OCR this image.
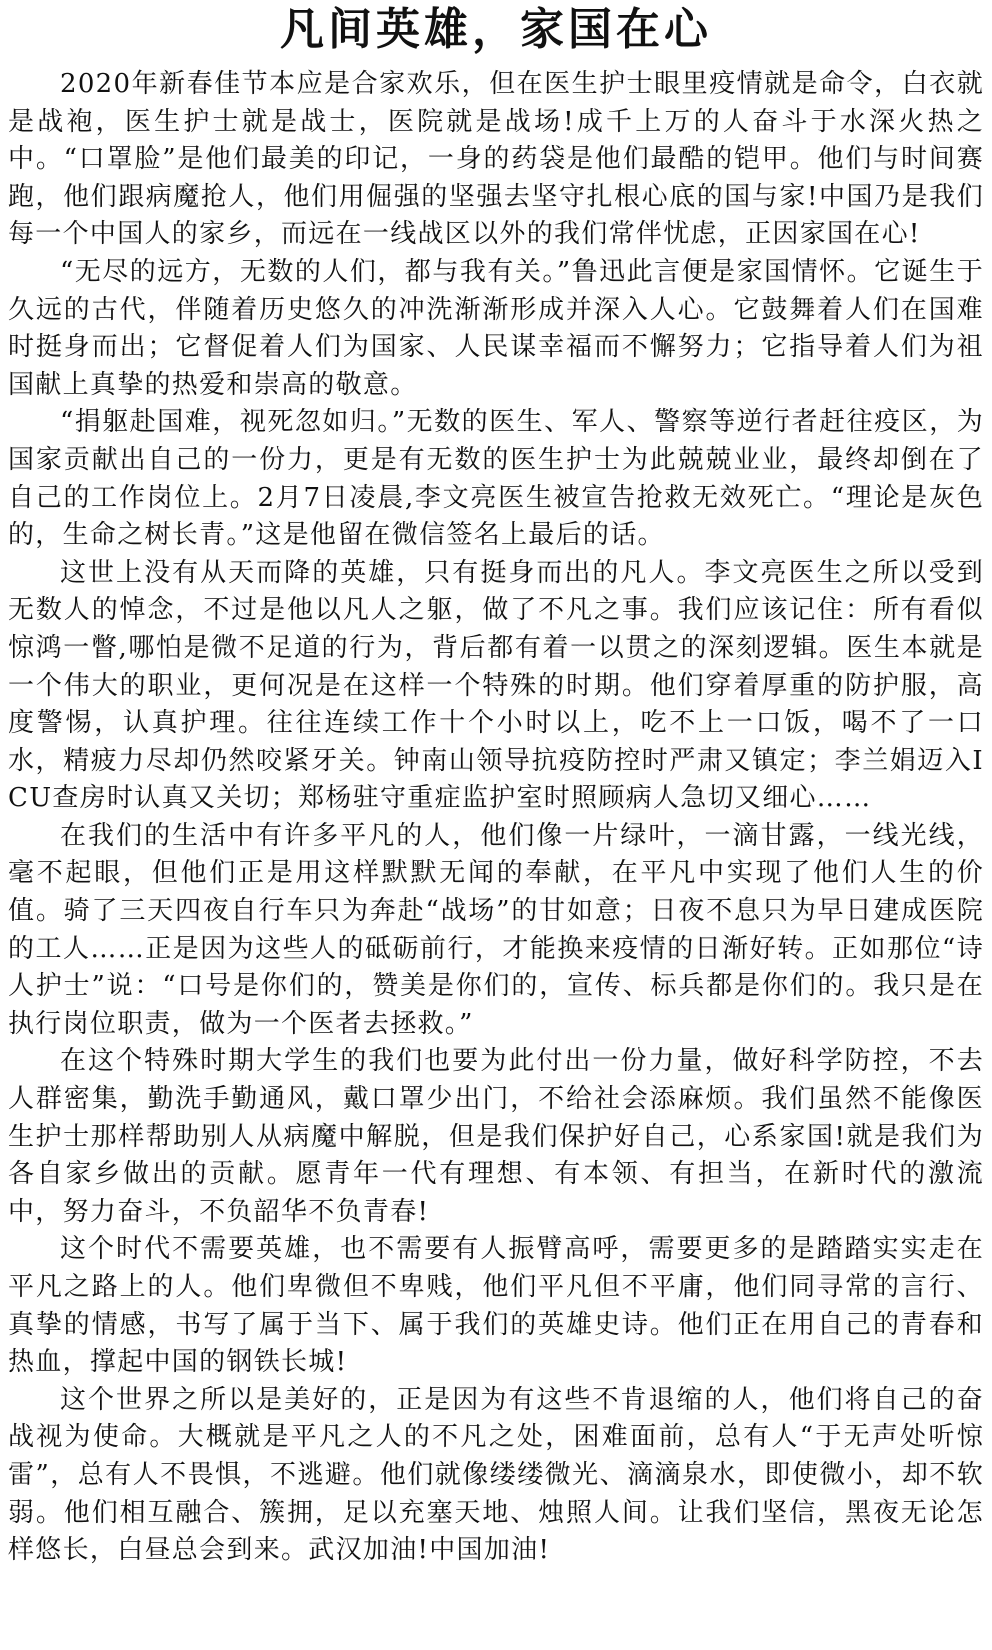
凡间英雄，家国在心

2020年新春佳节本应是合家欢乐，但在医生护士眼里疫情就是命令，白衣就是战袍，医生护士就是战士，医院就是战场!成千上万的人奋斗于水深火热之中。“口罩脸”是他们最美的印记，一身的药袋是他们最酷的铠甲。他们与时间赛跑，他们跟病魔抢人，他们用倔强的坚强去坚守扎根心底的国与家!中国乃是我们每一个中国人的家乡，而远在一线战区以外的我们常伴忧虑，正因家国在心!

“无尽的远方，无数的人们，都与我有关。”鲁迅此言便是家国情怀。它诞生于久远的古代，伴随着历史悠久的冲洗渐渐形成并深入人心。它鼓舞着人们在国难时挺身而出；它督促着人们为国家、人民谋幸福而不懈努力；它指导着人们为祖国献上真挚的热爱和崇高的敬意。

“捐躯赴国难，视死忽如归。”无数的医生、军人、警察等逆行者赶往疫区，为国家贡献出自己的一份力，更是有无数的医生护士为此兢兢业业，最终却倒在了自己的工作岗位上。2月7日凌晨,李文亮医生被宣告抢救无效死亡。“理论是灰色的，生命之树长青。”这是他留在微信签名上最后的话。

这世上没有从天而降的英雄，只有挺身而出的凡人。李文亮医生之所以受到无数人的悼念，不过是他以凡人之躯，做了不凡之事。我们应该记住：所有看似惊鸿一瞥,哪怕是微不足道的行为，背后都有着一以贯之的深刻逻辑。医生本就是一个伟大的职业，更何况是在这样一个特殊的时期。他们穿着厚重的防护服，高度警惕，认真护理。往往连续工作十个小时以上，吃不上一口饭，喝不了一口水，精疲力尽却仍然咬紧牙关。钟南山领导抗疫防控时严肃又镇定；李兰娟迈入ICU查房时认真又关切；郑杨驻守重症监护室时照顾病人急切又细心……

在我们的生活中有许多平凡的人，他们像一片绿叶，一滴甘露，一线光线，毫不起眼，但他们正是用这样默默无闻的奉献，在平凡中实现了他们人生的价值。骑了三天四夜自行车只为奔赴“战场”的甘如意；日夜不息只为早日建成医院的工人……正是因为这些人的砥砺前行，才能换来疫情的日渐好转。正如那位“诗人护士”说：“口号是你们的，赞美是你们的，宣传、标兵都是你们的。我只是在执行岗位职责，做为一个医者去拯救。”

在这个特殊时期大学生的我们也要为此付出一份力量，做好科学防控，不去人群密集，勤洗手勤通风，戴口罩少出门，不给社会添麻烦。我们虽然不能像医生护士那样帮助别人从病魔中解脱，但是我们保护好自己，心系家国!就是我们为各自家乡做出的贡献。愿青年一代有理想、有本领、有担当，在新时代的激流中，努力奋斗，不负韶华不负青春!

这个时代不需要英雄，也不需要有人振臂高呼，需要更多的是踏踏实实走在平凡之路上的人。他们卑微但不卑贱，他们平凡但不平庸，他们同寻常的言行、真挚的情感，书写了属于当下、属于我们的英雄史诗。他们正在用自己的青春和热血，撑起中国的钢铁长城!

这个世界之所以是美好的，正是因为有这些不肯退缩的人，他们将自己的奋战视为使命。大概就是平凡之人的不凡之处，困难面前，总有人“于无声处听惊雷”，总有人不畏惧，不逃避。他们就像缕缕微光、滴滴泉水，即使微小，却不软弱。他们相互融合、簇拥，足以充塞天地、烛照人间。让我们坚信，黑夜无论怎样悠长，白昼总会到来。武汉加油!中国加油!
